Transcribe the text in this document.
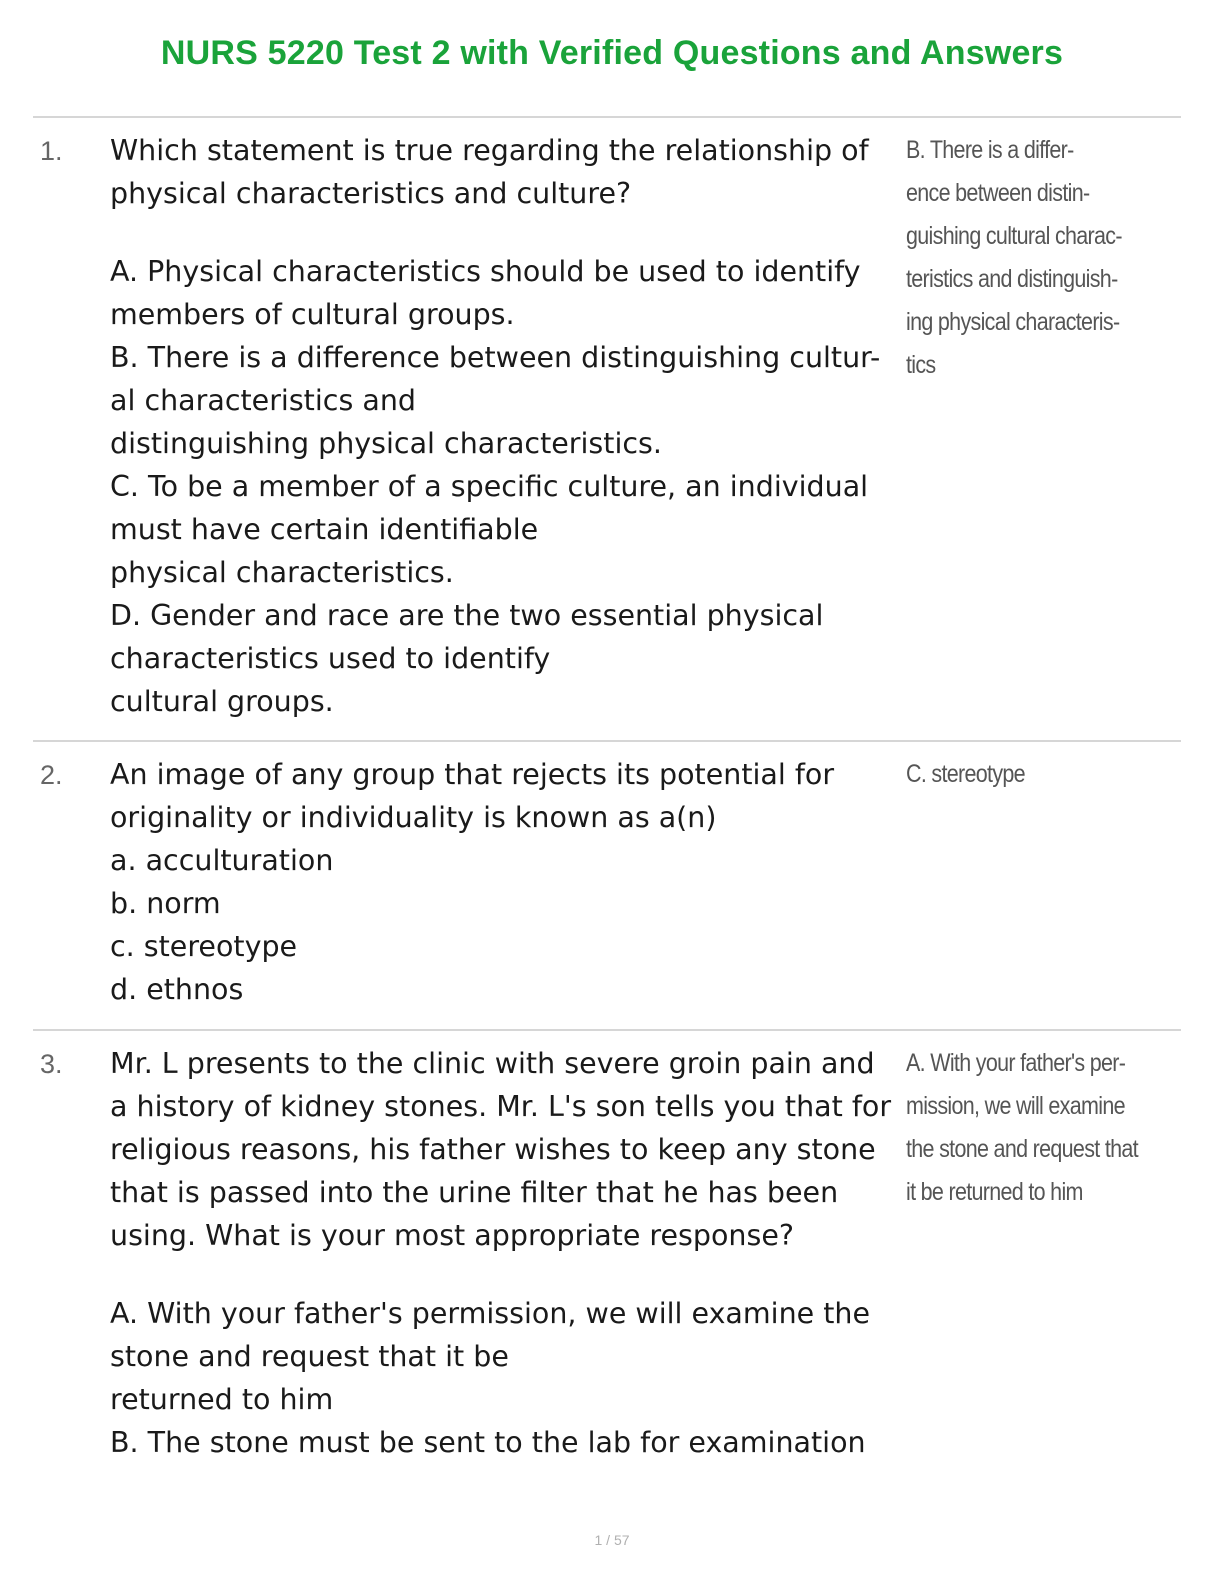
NURS 5220 Test 2 with Verified Questions and Answers
1. Which statement is true regarding the relationship of
physical characteristics and culture?
A. Physical characteristics should be used to identify
members of cultural groups.
B. There is a difference between distinguishing cultur-
al characteristics and
distinguishing physical characteristics.
C. To be a member of a specific culture, an individual
must have certain identifiable
physical characteristics.
D. Gender and race are the two essential physical
characteristics used to identify
cultural groups.
B. There is a differ-
ence between distin-
guishing cultural charac-
teristics and distinguish-
ing physical characteris-
tics
2. An image of any group that rejects its potential for
originality or individuality is known as a(n)
a. acculturation
b. norm
c. stereotype
d. ethnos
C. stereotype
3. Mr. L presents to the clinic with severe groin pain and
a history of kidney stones. Mr. L's son tells you that for
religious reasons, his father wishes to keep any stone
that is passed into the urine filter that he has been
using. What is your most appropriate response?
A. With your father's permission, we will examine the
stone and request that it be
returned to him
B. The stone must be sent to the lab for examination
A. With your father's per-
mission, we will examine
the stone and request that
it be returned to him
1 / 57
